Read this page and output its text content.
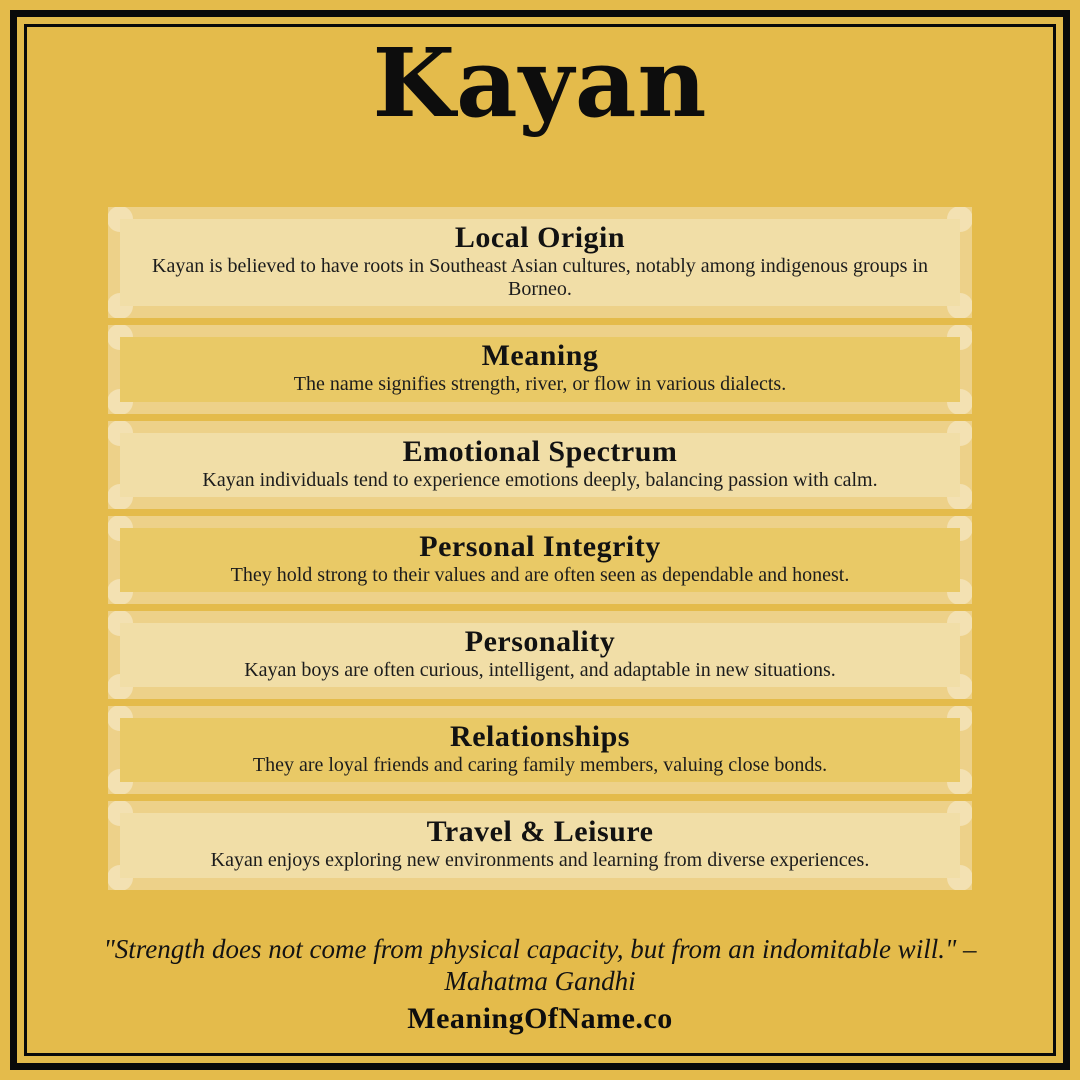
Kayan
Local Origin

Kayan is believed to have roots in Southeast Asian cultures, notably among indigenous groups in Borneo.

Meaning

The name signifies strength, river, or flow in various dialects.

Emotional Spectrum

Kayan individuals tend to experience emotions deeply, balancing passion with calm.

Personal Integrity

They hold strong to their values and are often seen as dependable and honest.

Personality

Kayan boys are often curious, intelligent, and adaptable in new situations.

Relationships

They are loyal friends and caring family members, valuing close bonds.

Travel & Leisure

Kayan enjoys exploring new environments and learning from diverse experiences.

"Strength does not come from physical capacity, but from an indomitable will." –

Mahatma Gandhi

MeaningOfName.co
